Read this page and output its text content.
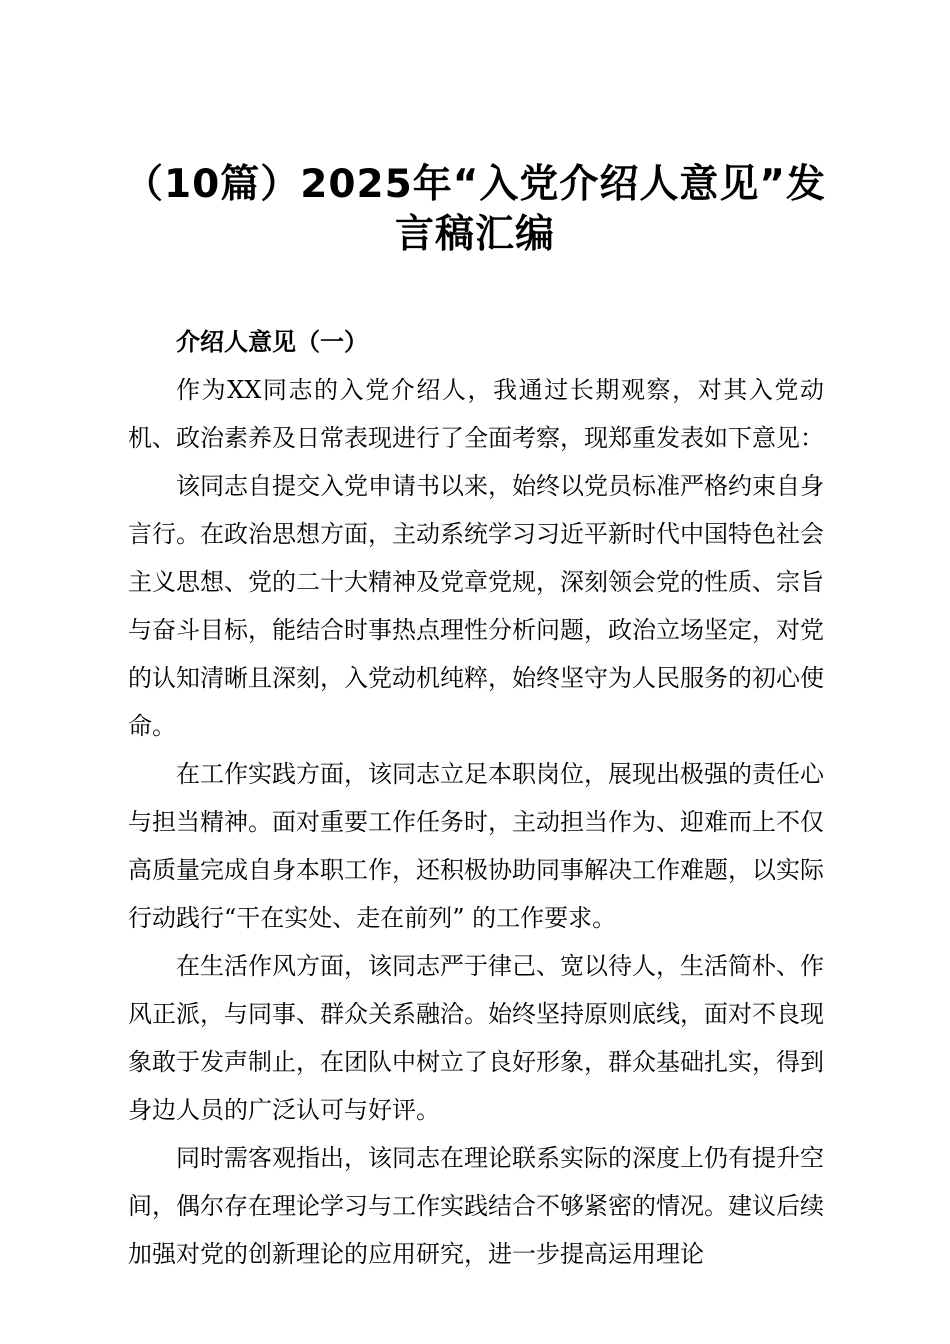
（10篇）2025年“入党介绍人意见”发言稿汇编

介绍人意见（一）

作为XX同志的入党介绍人，我通过长期观察，对其入党动机、政治素养及日常表现进行了全面考察，现郑重发表如下意见：

该同志自提交入党申请书以来，始终以党员标准严格约束自身言行。在政治思想方面，主动系统学习习近平新时代中国特色社会主义思想、党的二十大精神及党章党规，深刻领会党的性质、宗旨与奋斗目标，能结合时事热点理性分析问题，政治立场坚定，对党的认知清晰且深刻，入党动机纯粹，始终坚守为人民服务的初心使命。

在工作实践方面，该同志立足本职岗位，展现出极强的责任心与担当精神。面对重要工作任务时，主动担当作为、迎难而上不仅高质量完成自身本职工作，还积极协助同事解决工作难题，以实际行动践行“干在实处、走在前列” 的工作要求。

在生活作风方面，该同志严于律己、宽以待人，生活简朴、作风正派，与同事、群众关系融洽。始终坚持原则底线，面对不良现象敢于发声制止，在团队中树立了良好形象，群众基础扎实，得到身边人员的广泛认可与好评。

同时需客观指出，该同志在理论联系实际的深度上仍有提升空间，偶尔存在理论学习与工作实践结合不够紧密的情况。建议后续加强对党的创新理论的应用研究，进一步提高运用理论
